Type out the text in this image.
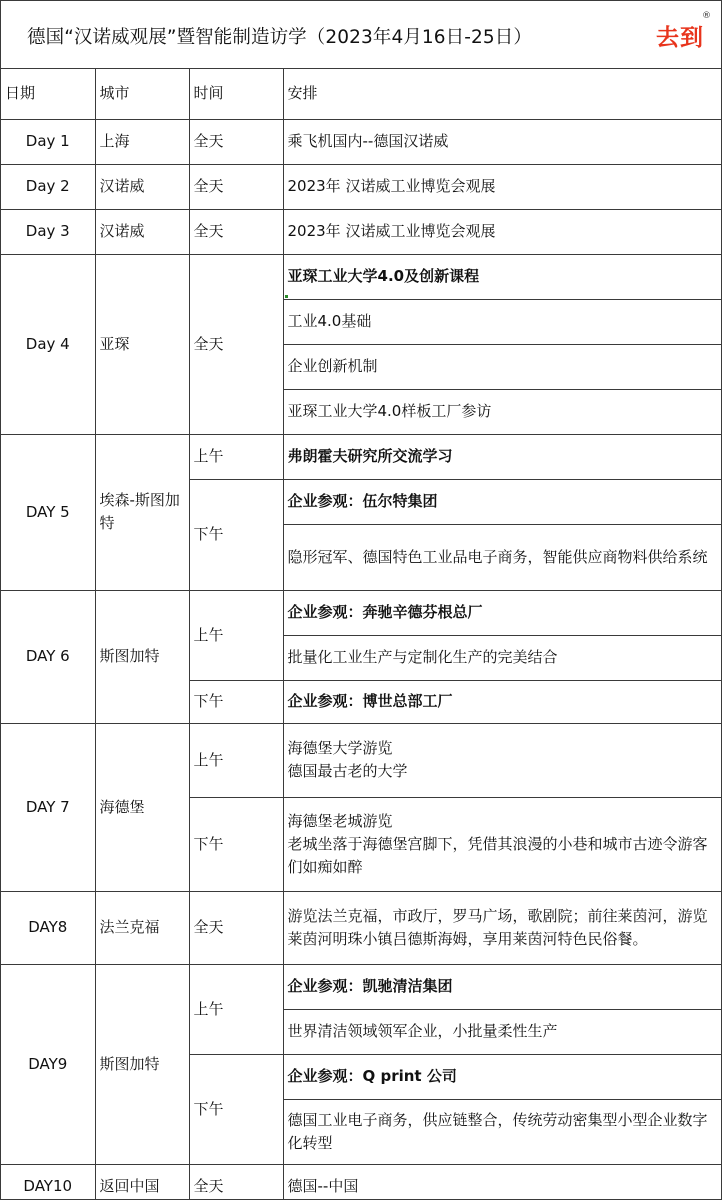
德国“汉诺威观展”暨智能制造访学（2023年4月16日-25日）	去到
®
日期	城市	时间	安排
Day 1	上海	全天	乘飞机国内--德国汉诺威
Day 2	汉诺威	全天	2023年 汉诺威工业博览会观展
Day 3	汉诺威	全天	2023年 汉诺威工业博览会观展
Day 4	亚琛	全天	亚琛工业大学4.0及创新课程
			工业4.0基础
			企业创新机制
			亚琛工业大学4.0样板工厂参访
DAY 5	埃森-斯图加特	上午	弗朗霍夫研究所交流学习
		下午	企业参观：伍尔特集团
			隐形冠军、德国特色工业品电子商务，智能供应商物料供给系统
DAY 6	斯图加特	上午	企业参观：奔驰辛德芬根总厂
			批量化工业生产与定制化生产的完美结合
		下午	企业参观：博世总部工厂
DAY 7	海德堡	上午	海德堡大学游览
德国最古老的大学

		下午	海德堡老城游览
老城坐落于海德堡宫脚下，凭借其浪漫的小巷和城市古迹令游客们如痴如醉

DAY8	法兰克福	全天	游览法兰克福，市政厅，罗马广场，歌剧院；前往莱茵河，游览莱茵河明珠小镇吕德斯海姆，享用莱茵河特色民俗餐。
DAY9	斯图加特	上午	企业参观：凯驰清洁集团
			世界清洁领域领军企业，小批量柔性生产
		下午	企业参观：Q print 公司
			德国工业电子商务，供应链整合，传统劳动密集型小型企业数字化转型
DAY10	返回中国	全天	德国--中国
